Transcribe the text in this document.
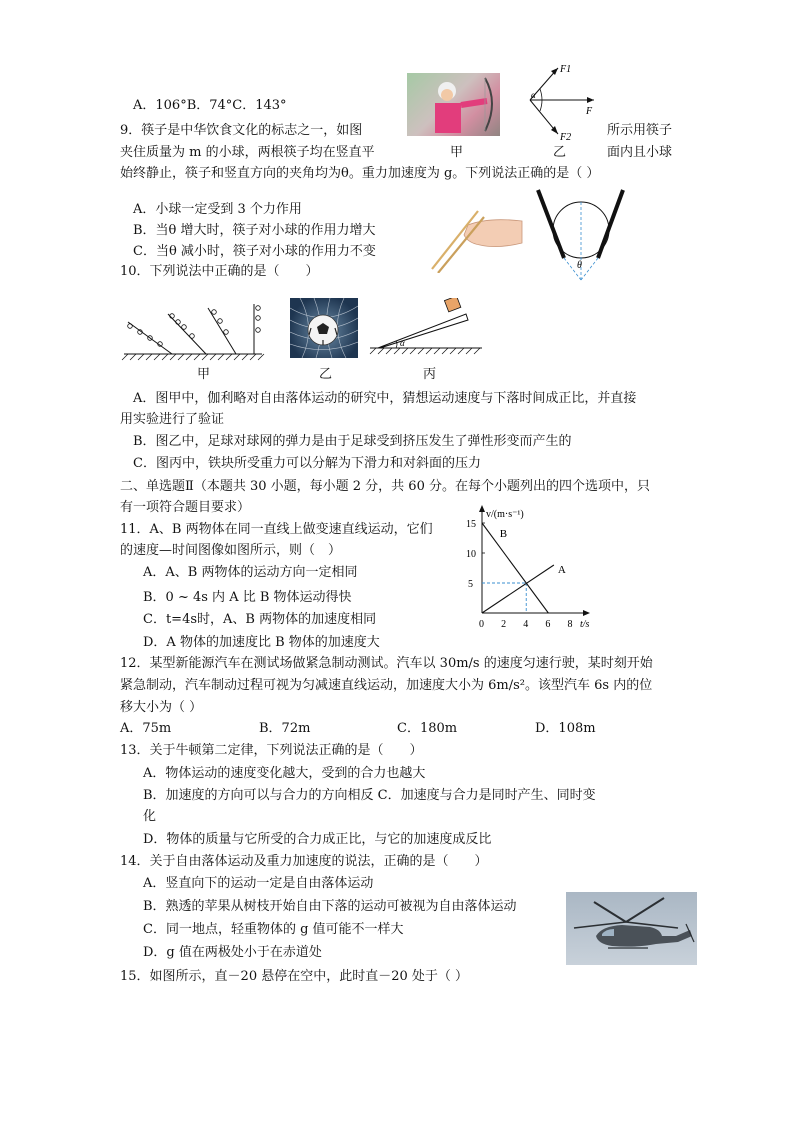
A．106°B．74°C．143°
9．筷子是中华饮食文化的标志之一，如图	所示用筷子
夹住质量为 m 的小球，两根筷子均在竖直平	面内且小球
始终静止，筷子和竖直方向的夹角均为θ。重力加速度为 g。下列说法正确的是（ ）
A．小球一定受到 3 个力作用
B．当θ 增大时，筷子对小球的作用力增大
C．当θ 减小时，筷子对小球的作用力不变
甲
F1
F
F2
α
乙
θ
10．下列说法中正确的是（　　）
α
甲	乙	丙
A．图甲中，伽利略对自由落体运动的研究中，猜想运动速度与下落时间成正比，并直接
用实验进行了验证
B．图乙中，足球对球网的弹力是由于足球受到挤压发生了弹性形变而产生的
C．图丙中，铁块所受重力可以分解为下滑力和对斜面的压力
二、单选题Ⅱ（本题共 30 小题，每小题 2 分，共 60 分。在每个小题列出的四个选项中，只
有一项符合题目要求）
11．A、B 两物体在同一直线上做变速直线运动，它们
的速度—时间图像如图所示，则（　）
A．A、B 两物体的运动方向一定相同
B．0 ~ 4s 内 A 比 B 物体运动得快
C．t=4s时，A、B 两物体的加速度相同
D．A 物体的加速度比 B 物体的加速度大
v/(m·s⁻¹)
t/s
0 2 4 6 8
5
10
15
A
B
12．某型新能源汽车在测试场做紧急制动测试。汽车以 30m/s 的速度匀速行驶，某时刻开始
紧急制动，汽车制动过程可视为匀减速直线运动，加速度大小为 6m/s²。该型汽车 6s 内的位
移大小为（ ）
A．75m	B．72m	C．180m	D．108m
13．关于牛顿第二定律，下列说法正确的是（　　）
A．物体运动的速度变化越大，受到的合力也越大
B．加速度的方向可以与合力的方向相反 C．加速度与合力是同时产生、同时变
化
D．物体的质量与它所受的合力成正比，与它的加速度成反比
14．关于自由落体运动及重力加速度的说法，正确的是（　　）
A．竖直向下的运动一定是自由落体运动
B．熟透的苹果从树枝开始自由下落的运动可被视为自由落体运动
C．同一地点，轻重物体的 g 值可能不一样大
D．g 值在两极处小于在赤道处
15．如图所示，直－20 悬停在空中，此时直－20 处于（ ）
